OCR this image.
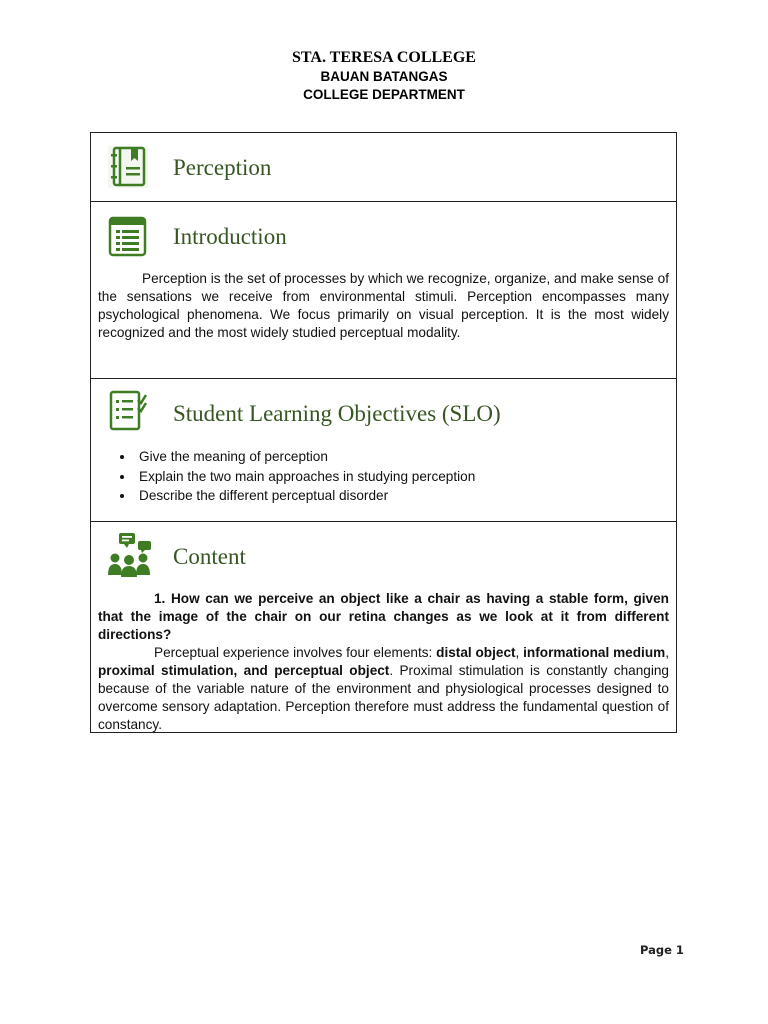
STA. TERESA COLLEGE
BAUAN BATANGAS
COLLEGE DEPARTMENT
Perception
Introduction
Perception is the set of processes by which we recognize, organize, and make sense of the sensations we receive from environmental stimuli. Perception encompasses many psychological phenomena. We focus primarily on visual perception. It is the most widely recognized and the most widely studied perceptual modality.
Student Learning Objectives (SLO)
• Give the meaning of perception
• Explain the two main approaches in studying perception
• Describe the different perceptual disorder
Content
1. How can we perceive an object like a chair as having a stable form, given that the image of the chair on our retina changes as we look at it from different directions?
Perceptual experience involves four elements: distal object, informational medium, proximal stimulation, and perceptual object. Proximal stimulation is constantly changing because of the variable nature of the environment and physiological processes designed to overcome sensory adaptation. Perception therefore must address the fundamental question of constancy.
Page 1
